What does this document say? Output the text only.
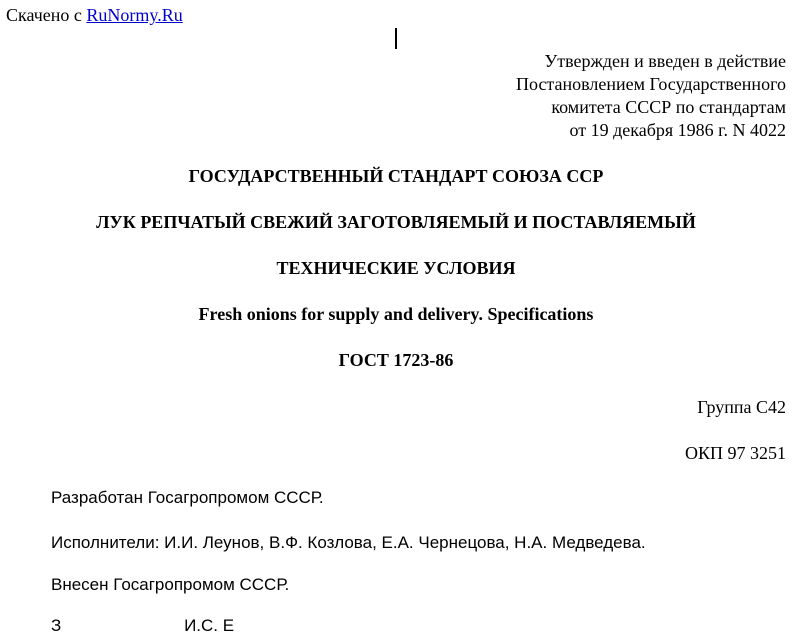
Скачено с RuNormy.Ru
Утвержден и введен в действие
Постановлением Государственного
комитета СССР по стандартам
от 19 декабря 1986 г. N 4022
ГОСУДАРСТВЕННЫЙ СТАНДАРТ СОЮЗА ССР
ЛУК РЕПЧАТЫЙ СВЕЖИЙ ЗАГОТОВЛЯЕМЫЙ И ПОСТАВЛЯЕМЫЙ
ТЕХНИЧЕСКИЕ УСЛОВИЯ
Fresh onions for supply and delivery. Specifications
ГОСТ 1723-86
Группа С42
ОКП 97 3251
Разработан Госагропромом СССР.
Исполнители: И.И. Леунов, В.Ф. Козлова, Е.А. Чернецова, Н.А. Медведева.
Внесен Госагропромом СССР.
З                          И.С. Е
